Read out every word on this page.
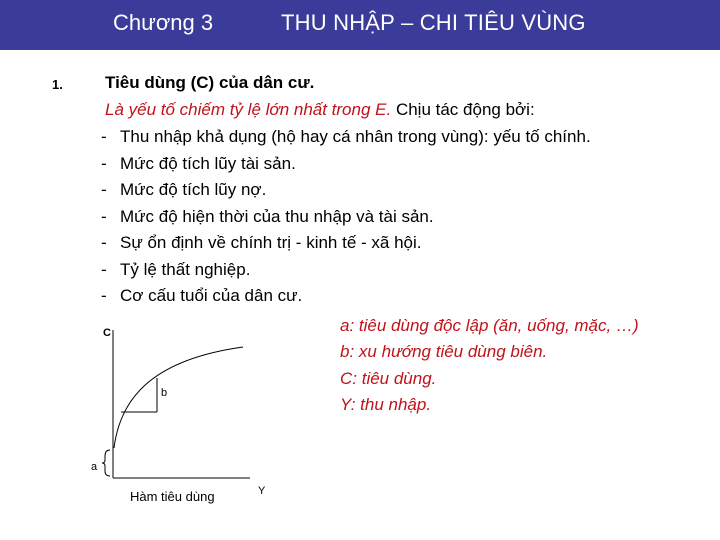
Chương 3	THU NHẬP – CHI TIÊU VÙNG
1. Tiêu dùng (C) của dân cư.
Là yếu tố chiếm tỷ lệ lớn nhất trong E. Chịu tác động bởi:
- Thu nhập khả dụng (hộ hay cá nhân trong vùng): yếu tố chính.
- Mức độ tích lũy tài sản.
- Mức độ tích lũy nợ.
- Mức độ hiện thời của thu nhập và tài sản.
- Sự ổn định về chính trị - kinh tế - xã hội.
- Tỷ lệ thất nghiệp.
- Cơ cấu tuổi của dân cư.
a: tiêu dùng độc lập (ăn, uống, mặc, …)
b: xu hướng tiêu dùng biên.
C: tiêu dùng.
Y: thu nhập.
C
b
a
Y
Hàm tiêu dùng
